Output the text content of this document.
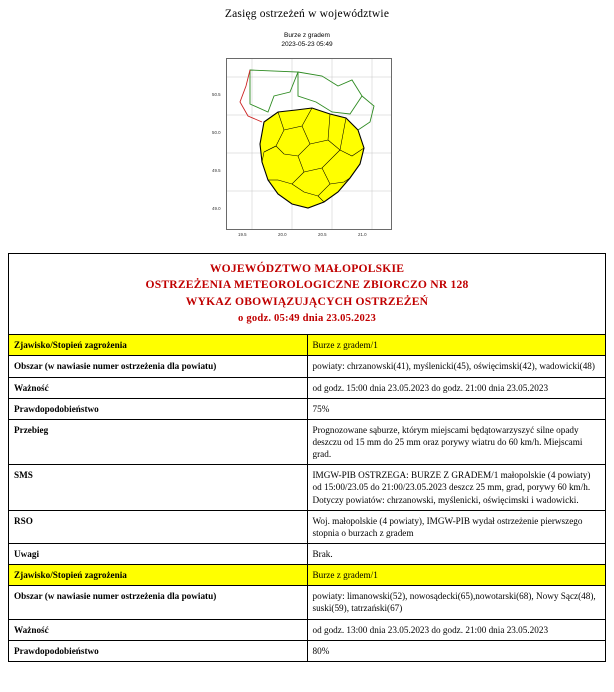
Zasięg ostrzeżeń w województwie
Burze z gradem
2023-05-23 05:49
50.5
50.0
49.5
49.0
19.5	20.0	20.5	21.0
WOJEWÓDZTWO MAŁOPOLSKIE
OSTRZEŻENIA METEOROLOGICZNE ZBIORCZO NR 128
WYKAZ OBOWIĄZUJĄCYCH OSTRZEŻEŃ
o godz. 05:49 dnia 23.05.2023	

Zjawisko/Stopień zagrożenia	Burze z gradem/1
Obszar (w nawiasie numer ostrzeżenia dla powiatu)	powiaty: chrzanowski(41), myślenicki(45), oświęcimski(42), wadowicki(48)
Ważność	od godz. 15:00 dnia 23.05.2023 do godz. 21:00 dnia 23.05.2023
Prawdopodobieństwo	75%
Przebieg	Prognozowane sąburze, którym miejscami będątowarzyszyć silne opady deszczu od 15 mm do 25 mm oraz porywy wiatru do 60 km/h. Miejscami grad.
SMS	IMGW-PIB OSTRZEGA: BURZE Z GRADEM/1 małopolskie (4 powiaty) od 15:00/23.05 do 21:00/23.05.2023 deszcz 25 mm, grad, porywy 60 km/h. Dotyczy powiatów: chrzanowski, myślenicki, oświęcimski i wadowicki.
RSO	Woj. małopolskie (4 powiaty), IMGW-PIB wydał ostrzeżenie pierwszego stopnia o burzach z gradem
Uwagi	Brak.
Zjawisko/Stopień zagrożenia	Burze z gradem/1
Obszar (w nawiasie numer ostrzeżenia dla powiatu)	powiaty: limanowski(52), nowosądecki(65),nowotarski(68), Nowy Sącz(48), suski(59), tatrzański(67)
Ważność	od godz. 13:00 dnia 23.05.2023 do godz. 21:00 dnia 23.05.2023
Prawdopodobieństwo	80%
